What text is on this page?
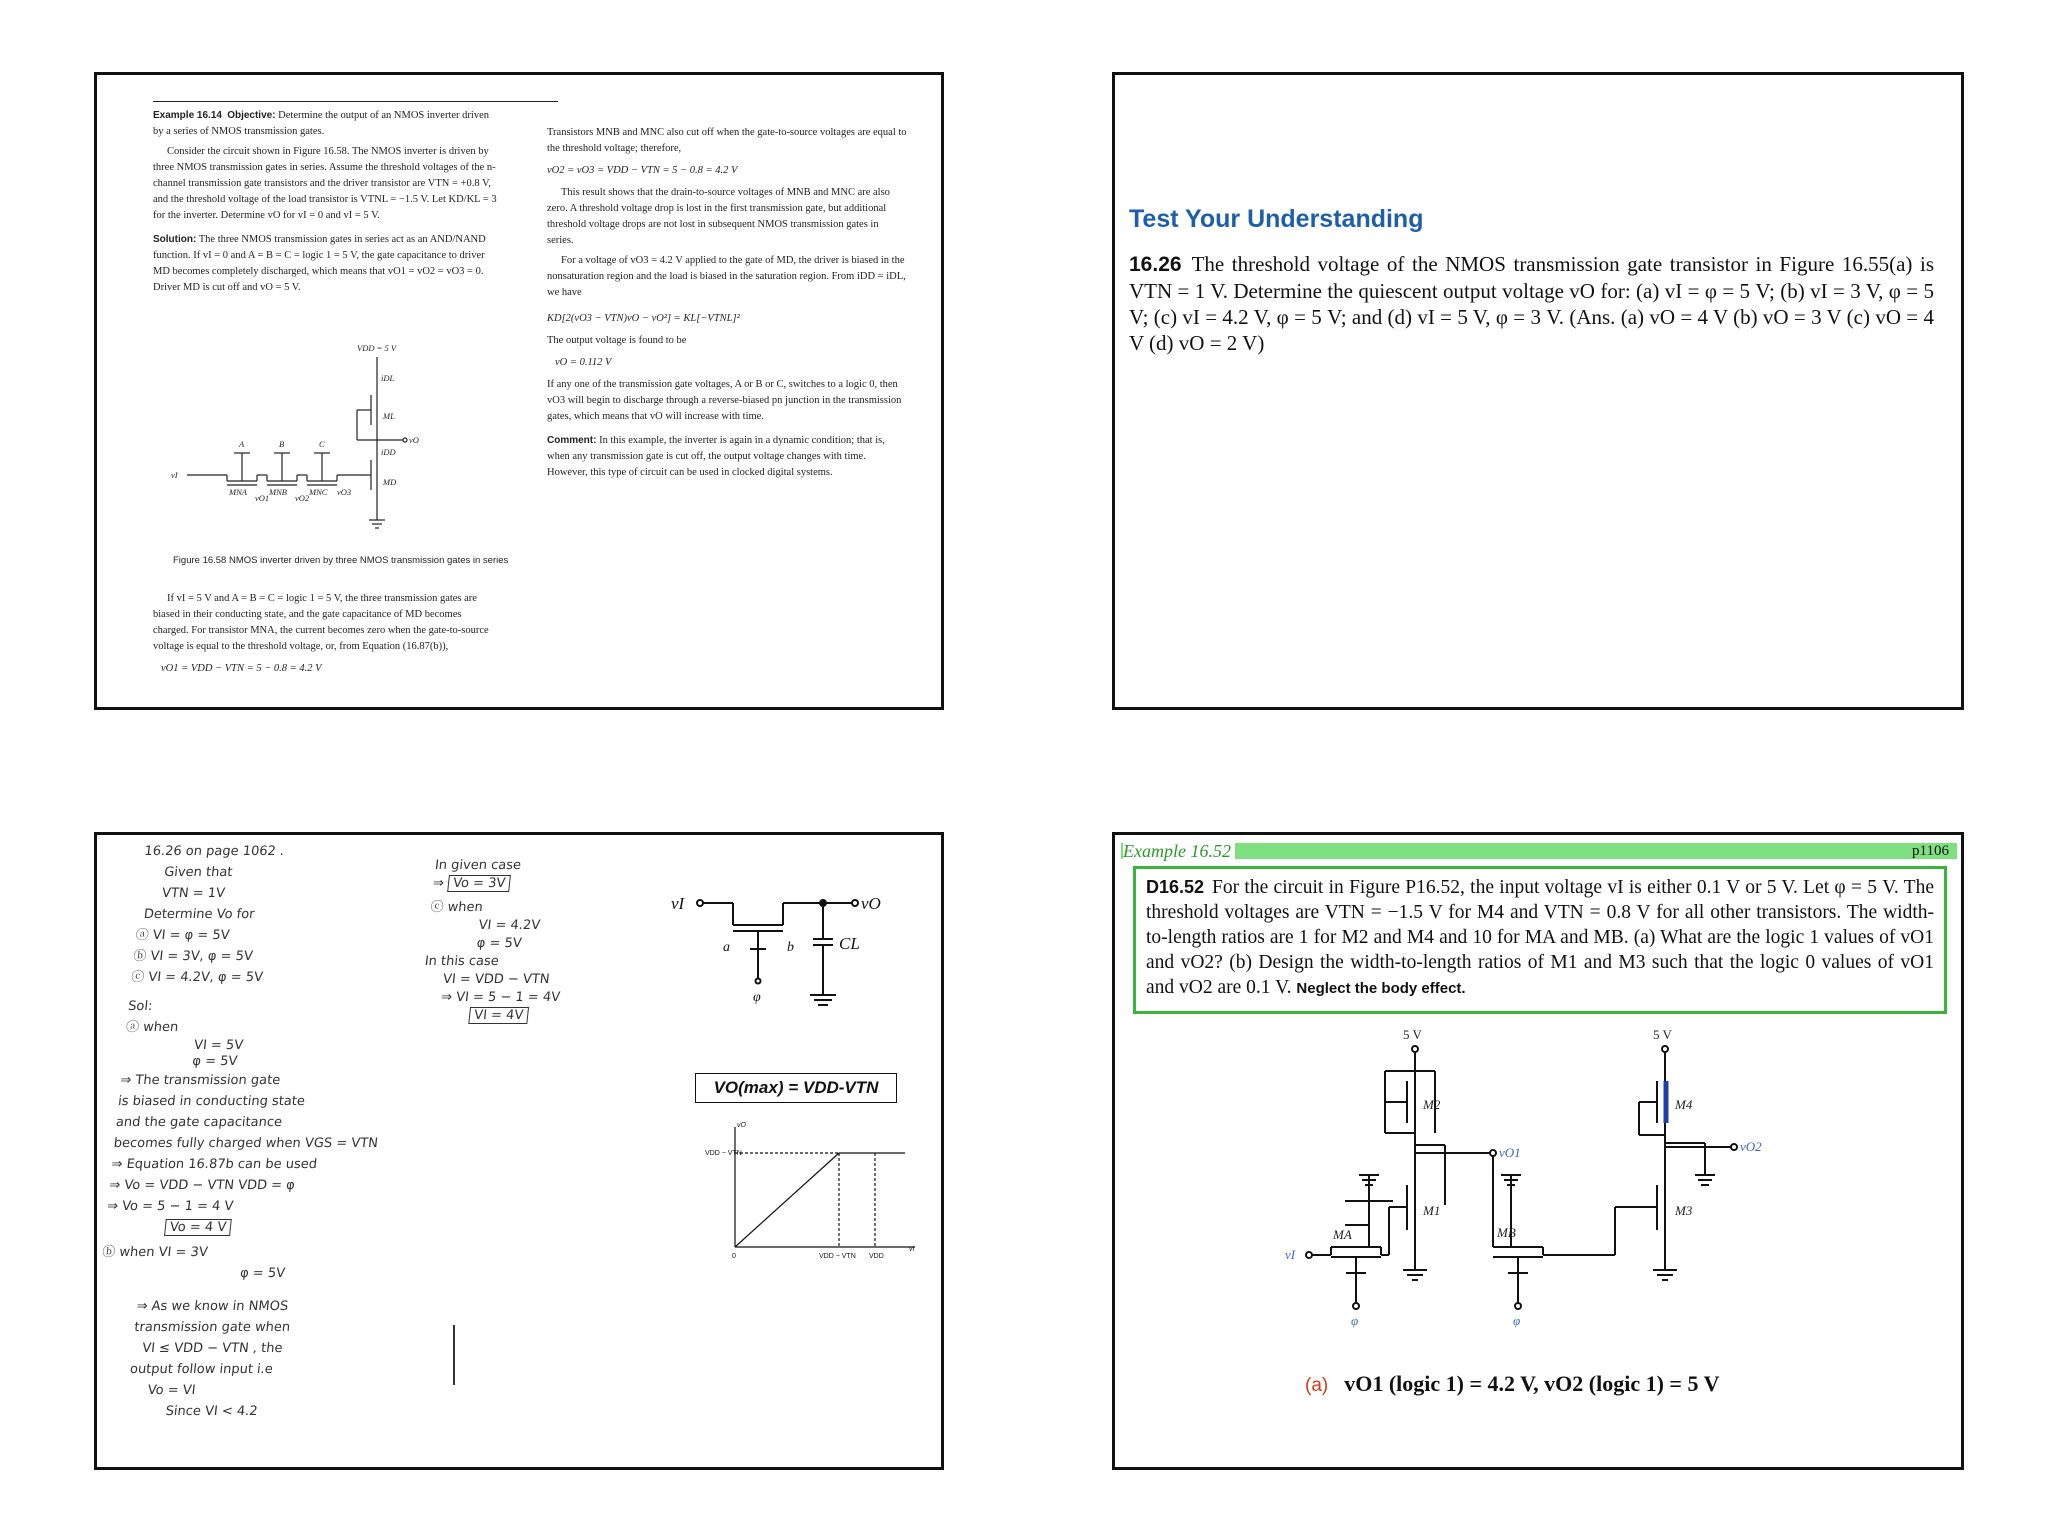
Example 16.14 Objective: Determine the output of an NMOS inverter driven by a series of NMOS transmission gates.

Consider the circuit shown in Figure 16.58. The NMOS inverter is driven by three NMOS transmission gates in series. Assume the threshold voltages of the n-channel transmission gate transistors and the driver transistor are VTN = +0.8 V, and the threshold voltage of the load transistor is VTNL = −1.5 V. Let KD/KL = 3 for the inverter. Determine vO for vI = 0 and vI = 5 V.

Solution: The three NMOS transmission gates in series act as an AND/NAND function. If vI = 0 and A = B = C = logic 1 = 5 V, the gate capacitance to driver MD becomes completely discharged, which means that vO1 = vO2 = vO3 = 0. Driver MD is cut off and vO = 5 V.

VDD = 5 V
iDL
ML
vO
iDD
MD
A	B	C
vI
MNA	MNB	MNC
vO1	vO2
vO3
Figure 16.58 NMOS inverter driven by three NMOS transmission gates in series

If vI = 5 V and A = B = C = logic 1 = 5 V, the three transmission gates are biased in their conducting state, and the gate capacitance of MD becomes charged. For transistor MNA, the current becomes zero when the gate-to-source voltage is equal to the threshold voltage, or, from Equation (16.87(b)),

vO1 = VDD − VTN = 5 − 0.8 = 4.2 V

Transistors MNB and MNC also cut off when the gate-to-source voltages are equal to the threshold voltage; therefore,

vO2 = vO3 = VDD − VTN = 5 − 0.8 = 4.2 V

This result shows that the drain-to-source voltages of MNB and MNC are also zero. A threshold voltage drop is lost in the first transmission gate, but additional threshold voltage drops are not lost in subsequent NMOS transmission gates in series.

For a voltage of vO3 = 4.2 V applied to the gate of MD, the driver is biased in the nonsaturation region and the load is biased in the saturation region. From iDD = iDL, we have

KD[2(vO3 − VTN)vO − vO²] = KL[−VTNL]²

The output voltage is found to be

vO = 0.112 V

If any one of the transmission gate voltages, A or B or C, switches to a logic 0, then vO3 will begin to discharge through a reverse-biased pn junction in the transmission gates, which means that vO will increase with time.

Comment: In this example, the inverter is again in a dynamic condition; that is, when any transmission gate is cut off, the output voltage changes with time. However, this type of circuit can be used in clocked digital systems.

Test Your Understanding
16.26 The threshold voltage of the NMOS transmission gate transistor in Figure 16.55(a) is VTN = 1 V. Determine the quiescent output voltage vO for: (a) vI = φ = 5 V; (b) vI = 3 V, φ = 5 V; (c) vI = 4.2 V, φ = 5 V; and (d) vI = 5 V, φ = 3 V. (Ans. (a) vO = 4 V (b) vO = 3 V (c) vO = 4 V (d) vO = 2 V)
16.26 on page 1062 .
Given that
VTN = 1V
Determine Vo for
ⓐ VI = φ = 5V
ⓑ VI = 3V, φ = 5V
ⓒ VI = 4.2V, φ = 5V
Sol:
ⓐ when
VI = 5V
φ = 5V
⇒ The transmission gate
is biased in conducting state
and the gate capacitance
becomes fully charged when VGS = VTN
⇒ Equation 16.87b can be used
⇒ Vo = VDD − VTN VDD = φ
⇒ Vo = 5 − 1 = 4 V
Vo = 4 V
ⓑ when VI = 3V
φ = 5V
⇒ As we know in NMOS
transmission gate when
VI ≤ VDD − VTN , the
output follow input i.e
Vo = VI
Since VI < 4.2
In given case
⇒ Vo = 3V
ⓒ when
VI = 4.2V
φ = 5V
In this case
VI = VDD − VTN
⇒ VI = 5 − 1 = 4V
VI = 4V
vI	vO
a	b
φ
CL
VO(max) = VDD-VTN
vO
VDD − VTN
0	VDD − VTN VDD
vI
Example 16.52	p1106
D16.52 For the circuit in Figure P16.52, the input voltage vI is either 0.1 V or 5 V. Let φ = 5 V. The threshold voltages are VTN = −1.5 V for M4 and VTN = 0.8 V for all other transistors. The width-to-length ratios are 1 for M2 and M4 and 10 for MA and MB. (a) What are the logic 1 values of vO1 and vO2? (b) Design the width-to-length ratios of M1 and M3 such that the logic 0 values of vO1 and vO2 are 0.1 V. Neglect the body effect.
5 V	5 V
M2	M4
M1	M3
MA	MB
vO1	vO2
vI
φ	φ
(a) vO1 (logic 1) = 4.2 V, vO2 (logic 1) = 5 V
